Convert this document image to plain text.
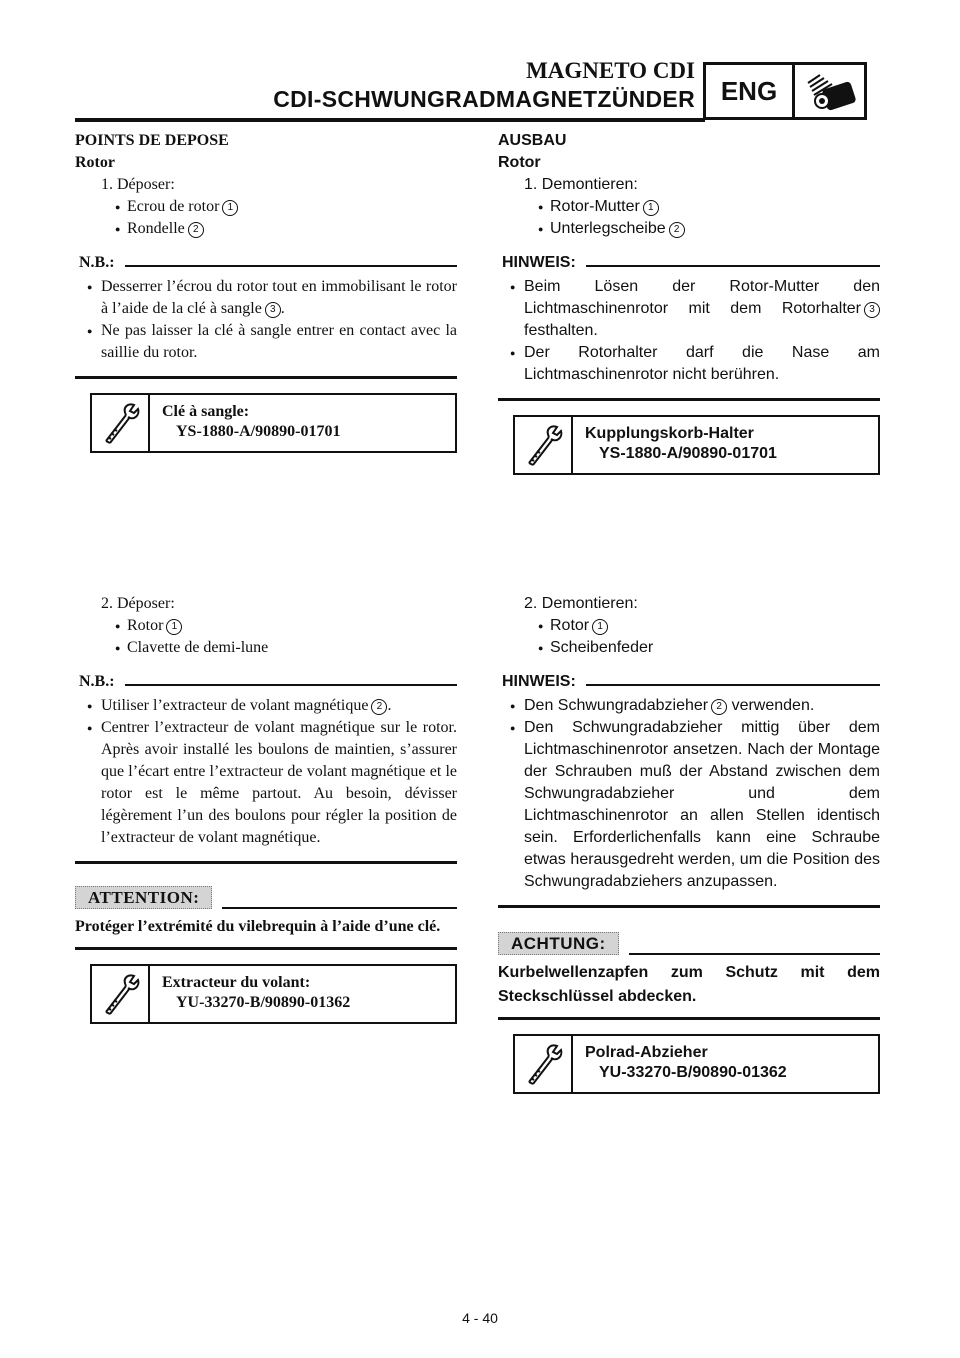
MAGNETO CDI
CDI-SCHWUNGRADMAGNETZÜNDER ENG
POINTS DE DEPOSE
Rotor
1. Déposer:
● Ecrou de rotor 1
● Rondelle 2
N.B.:
● Desserrer l’écrou du rotor tout en immobilisant le rotor à l’aide de la clé à sangle 3 .
● Ne pas laisser la clé à sangle entrer en contact avec la saillie du rotor.
Clé à sangle:
YS-1880-A/90890-01701
2. Déposer:
● Rotor 1
● Clavette de demi-lune
N.B.:
● Utiliser l’extracteur de volant magnétique 2 .
● Centrer l’extracteur de volant magnétique sur le rotor. Après avoir installé les boulons de maintien, s’assurer que l’écart entre l’extracteur de volant magnétique et le rotor est le même partout. Au besoin, dévisser légèrement l’un des boulons pour régler la position de l’extracteur de volant magnétique.
ATTENTION:
Protéger l’extrémité du vilebrequin à l’aide d’une clé.
Extracteur du volant:
YU-33270-B/90890-01362
AUSBAU
Rotor
1. Demontieren:
● Rotor-Mutter 1
● Unterlegscheibe 2
HINWEIS:
● Beim Lösen der Rotor-Mutter den Lichtmaschinenrotor mit dem Rotorhalter 3 festhalten.
● Der Rotorhalter darf die Nase am Lichtmaschinenrotor nicht berühren.
Kupplungskorb-Halter
YS-1880-A/90890-01701
2. Demontieren:
● Rotor 1
● Scheibenfeder
HINWEIS:
● Den Schwungradabzieher 2 verwenden.
● Den Schwungradabzieher mittig über dem Lichtmaschinenrotor ansetzen. Nach der Montage der Schrauben muß der Abstand zwischen dem Schwungradabzieher und dem Lichtmaschinenrotor an allen Stellen identisch sein. Erforderlichenfalls kann eine Schraube etwas herausgedreht werden, um die Position des Schwungradabziehers anzupassen.
ACHTUNG:
Kurbelwellenzapfen zum Schutz mit dem Steckschlüssel abdecken.
Polrad-Abzieher
YU-33270-B/90890-01362
4 - 40
